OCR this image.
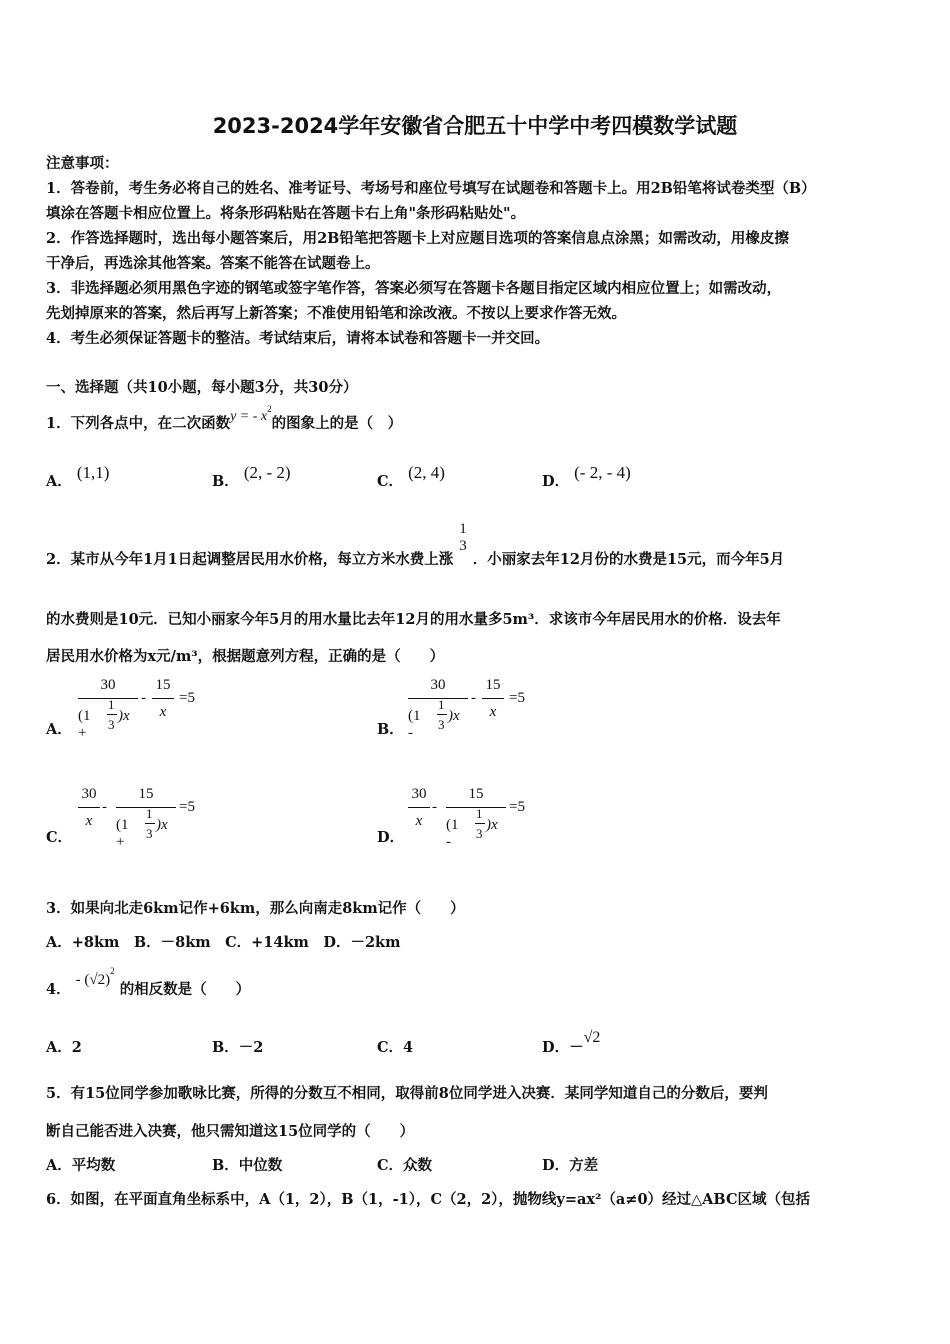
2023-2024学年安徽省合肥五十中学中考四模数学试题
注意事项：
1．答卷前，考生务必将自己的姓名、准考证号、考场号和座位号填写在试题卷和答题卡上。用2B铅笔将试卷类型（B）
填涂在答题卡相应位置上。将条形码粘贴在答题卡右上角"条形码粘贴处"。
2．作答选择题时，选出每小题答案后，用2B铅笔把答题卡上对应题目选项的答案信息点涂黑；如需改动，用橡皮擦
干净后，再选涂其他答案。答案不能答在试题卷上。
3．非选择题必须用黑色字迹的钢笔或签字笔作答，答案必须写在答题卡各题目指定区域内相应位置上；如需改动，
先划掉原来的答案，然后再写上新答案；不准使用铅笔和涂改液。不按以上要求作答无效。
4．考生必须保证答题卡的整洁。考试结束后，请将本试卷和答题卡一并交回。
一、选择题（共10小题，每小题3分，共30分）
1．下列各点中，在二次函数y = - $x^2$的图象上的是（　）
A． (1,1)	B． (2, - 2)	C． (2, 4)	D． (- 2, - 4)
2．某市从今年1月1日起调整居民用水价格，每立方米水费上涨
1
3
．小丽家去年12月份的水费是15元，而今年5月
的水费则是10元．已知小丽家今年5月的用水量比去年12月的用水量多5m³．求该市今年居民用水的价格．设去年
居民用水价格为x元/m³，根据题意列方程，正确的是（　　）
A．
30
(1 +
1
3
)x
-
15
x
=5
B．
30
(1 -
1
3
)x
-
15
x
=5
C．
30
x
-
15
(1 +
1
3
)x
=5
D．
30
x
-
15
(1 -
1
3
)x
=5
3．如果向北走6km记作+6km，那么向南走8km记作（　　）
A．+8km　B．－8km　C．+14km　D．－2km
4． - $(√2)^2$ 的相反数是（　　）
A．2	B．－2	C．4	D．－√2
5．有15位同学参加歌咏比赛，所得的分数互不相同，取得前8位同学进入决赛．某同学知道自己的分数后，要判
断自己能否进入决赛，他只需知道这15位同学的（　　）
A．平均数	B．中位数	C．众数	D．方差
6．如图，在平面直角坐标系中，A（1，2），B（1，-1），C（2，2），抛物线y=ax²（a≠0）经过△ABC区域（包括
